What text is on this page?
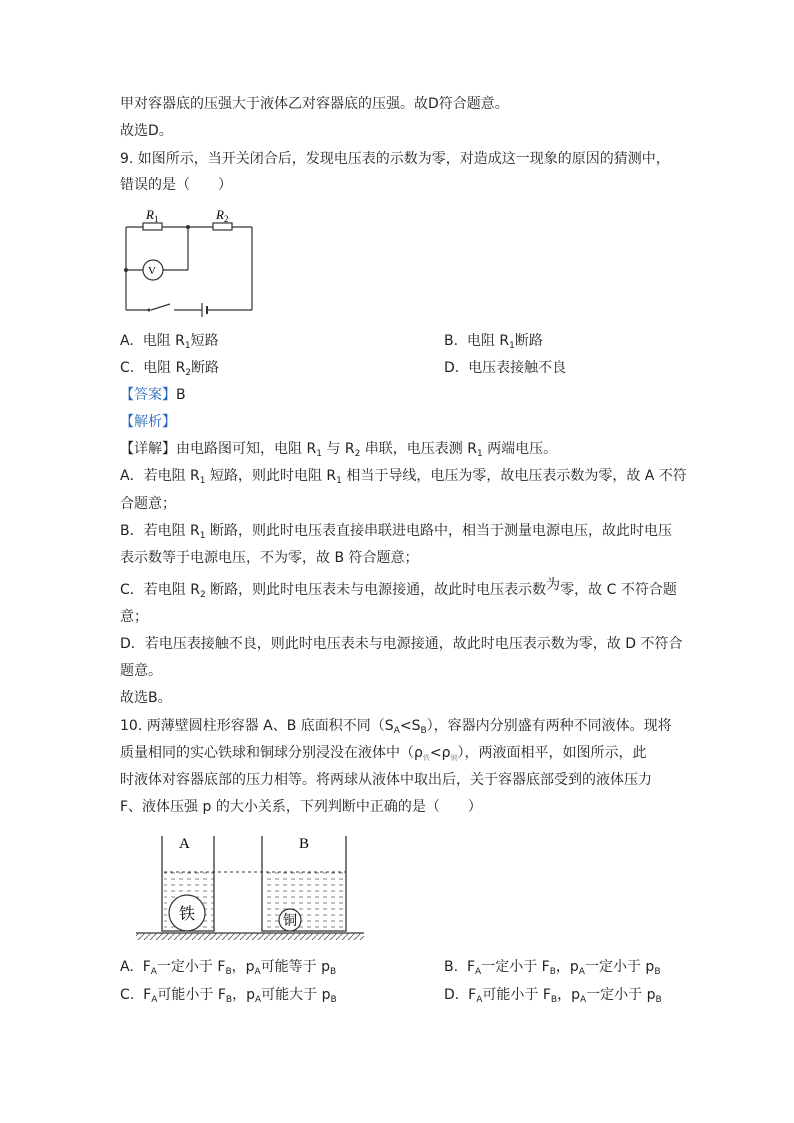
甲对容器底的压强大于液体乙对容器底的压强。故D符合题意。
故选D。
9. 如图所示，当开关闭合后，发现电压表的示数为零，对造成这一现象的原因的猜测中，
错误的是（　　）
$R_1$	$R_2$
V
A. 电阻 $R_1$短路	B. 电阻 $R_1$断路
C. 电阻 $R_2$断路	D. 电压表接触不良
【答案】B
【解析】
【详解】由电路图可知，电阻 $R_1$ 与 $R_2$ 串联，电压表测 $R_1$ 两端电压。
A．若电阻 $R_1$ 短路，则此时电阻 $R_1$ 相当于导线，电压为零，故电压表示数为零，故 A 不符
合题意；
B．若电阻 $R_1$ 断路，则此时电压表直接串联进电路中，相当于测量电源电压，故此时电压
表示数等于电源电压，不为零，故 B 符合题意；
C．若电阻 $R_2$ 断路，则此时电压表未与电源接通，故此时电压表示数为零，故 C 不符合题
意；
D．若电压表接触不良，则此时电压表未与电源接通，故此时电压表示数为零，故 D 不符合
题意。
故选B。
10. 两薄壁圆柱形容器 A、B 底面积不同$(S_A<S_B)$，容器内分别盛有两种不同液体。现将
质量相同的实心铁球和铜球分别浸没在液体中$(\rho_铁<\rho_铜)$，两液面相平，如图所示，此
时液体对容器底部的压力相等。将两球从液体中取出后，关于容器底部受到的液体压力
F、液体压强 p 的大小关系，下列判断中正确的是（　　）
A	B
铁	铜
A. $F_A$一定小于 $F_B$，$p_A$可能等于 $p_B$	B. $F_A$一定小于 $F_B$，$p_A$一定小于 $p_B$
C. $F_A$可能小于 $F_B$，$p_A$可能大于 $p_B$	D. $F_A$可能小于 $F_B$，$p_A$一定小于 $p_B$
